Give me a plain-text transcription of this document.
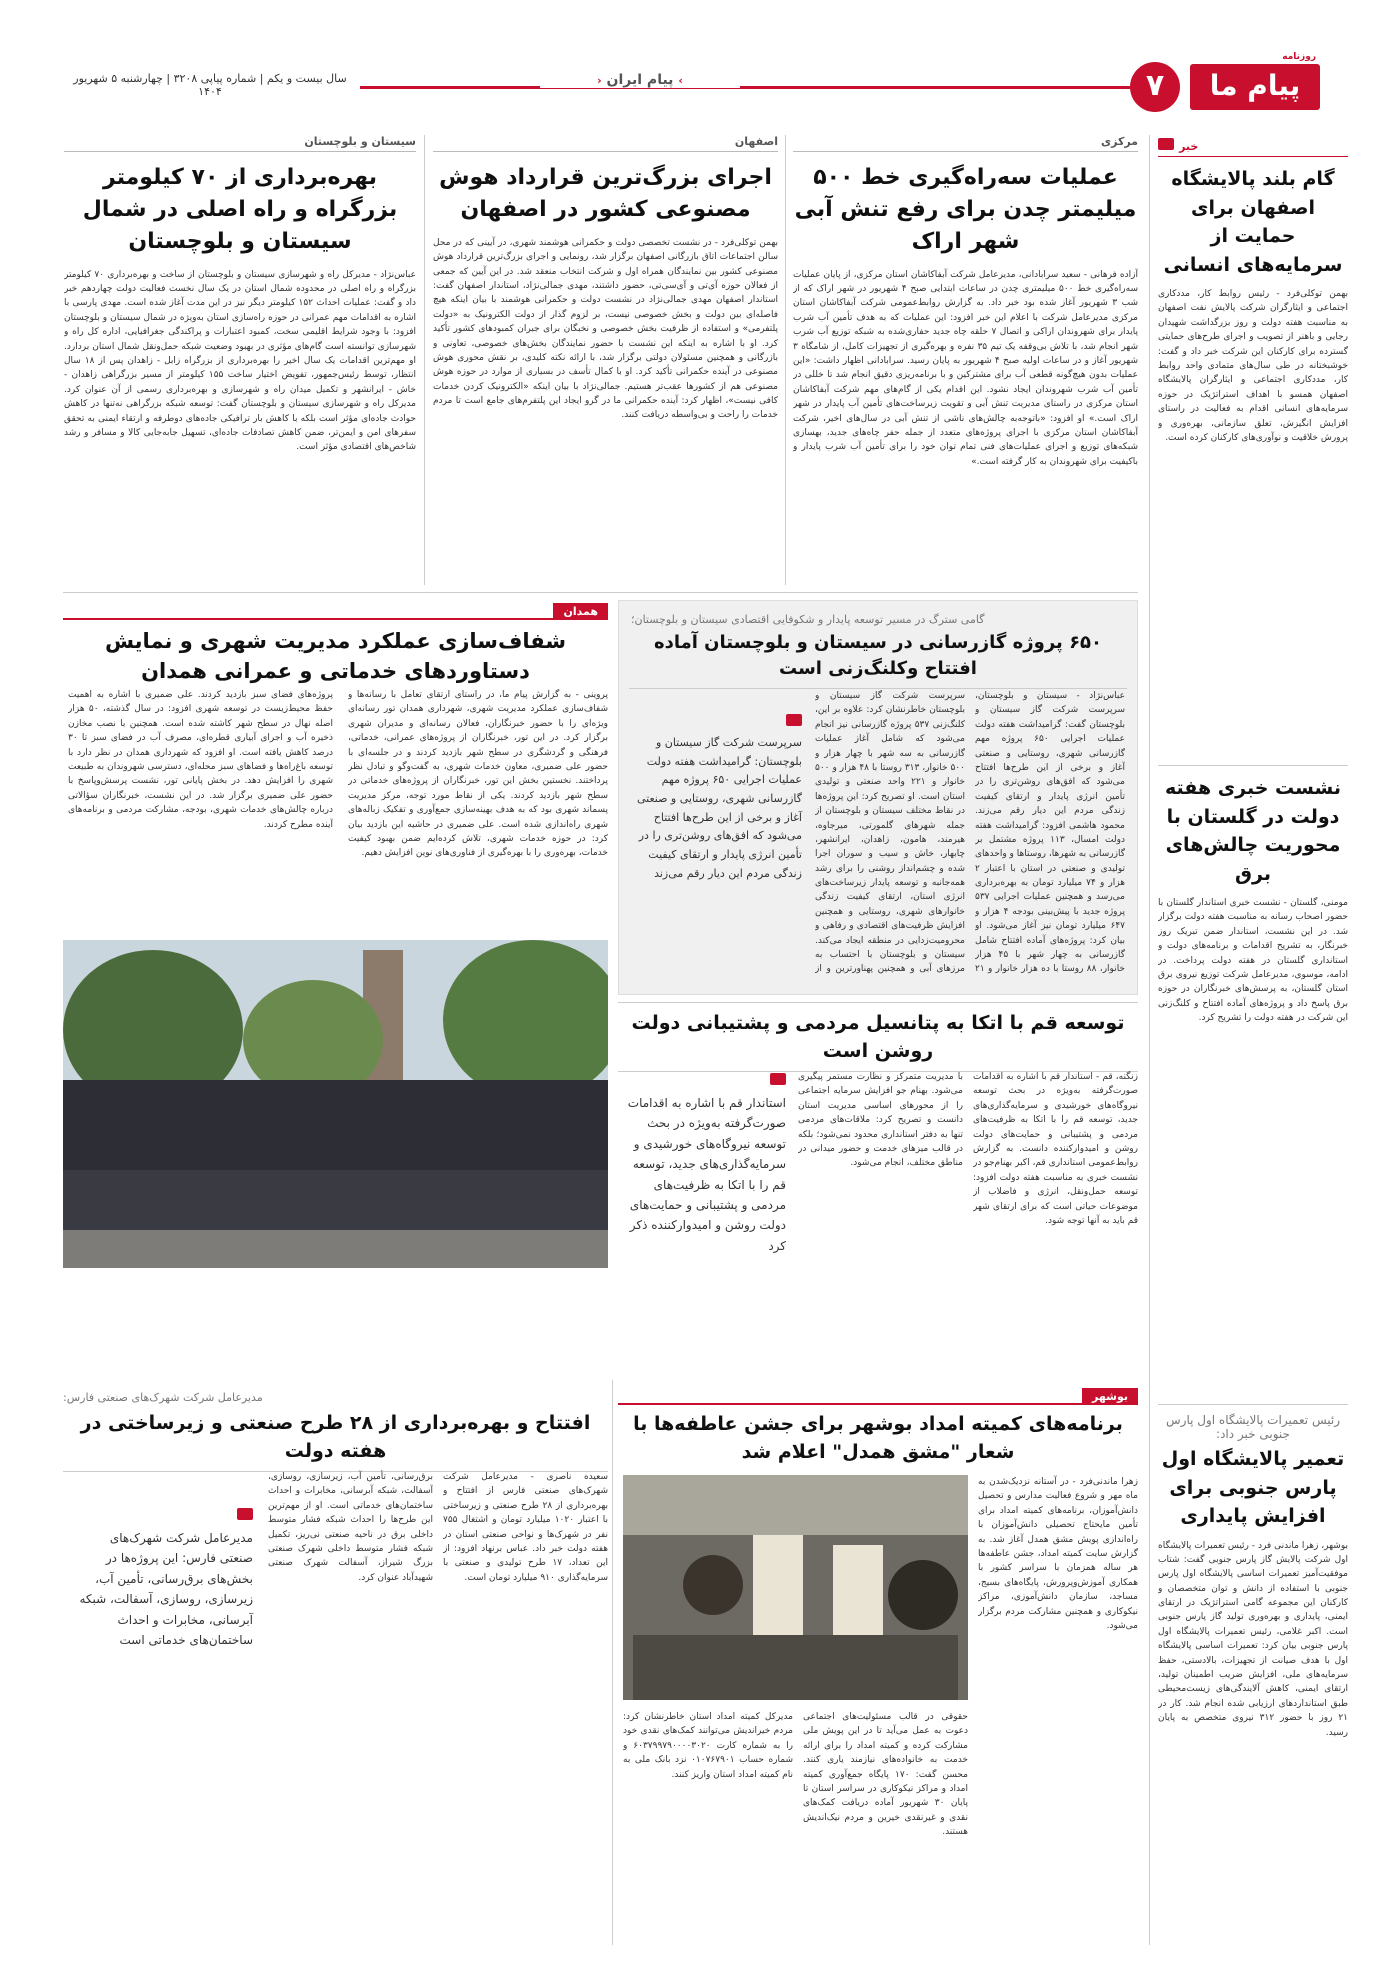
روزنامه
پیام ما
۷
› پیام ایران ‹
سال بیست و یکم | شماره پیاپی ۳۲۰۸ | چهارشنبه ۵ شهریور ۱۴۰۴
خبر
گام بلند پالایشگاه اصفهان برای حمایت از سرمایه‌های انسانی
بهمن توکلی‌فرد - رئیس روابط کار، مددکاری اجتماعی و ایثارگران شرکت پالایش نفت اصفهان به مناسبت هفته دولت و روز بزرگداشت شهیدان رجایی و باهنر از تصویب و اجرای طرح‌های حمایتی گسترده برای کارکنان این شرکت خبر داد و گفت: خوشبختانه در طی سال‌های متمادی واحد روابط کار، مددکاری اجتماعی و ایثارگران پالایشگاه اصفهان همسو با اهداف استراتژیک در حوزه سرمایه‌های انسانی اقدام به فعالیت در راستای افزایش انگیزش، تعلق سازمانی، بهره‌وری و پرورش خلاقیت و نوآوری‌های کارکنان کرده است.
نشست خبری هفته دولت در گلستان با محوریت چالش‌های برق
مومنی، گلستان - نشست خبری استاندار گلستان با حضور اصحاب رسانه به مناسبت هفته دولت برگزار شد. در این نشست، استاندار ضمن تبریک روز خبرنگار، به تشریح اقدامات و برنامه‌های دولت و استانداری گلستان در هفته دولت پرداخت. در ادامه، موسوی، مدیرعامل شرکت توزیع نیروی برق استان گلستان، به پرسش‌های خبرنگاران در حوزه برق پاسخ داد و پروژه‌های آماده افتتاح و کلنگ‌زنی این شرکت در هفته دولت را تشریح کرد.
رئیس تعمیرات پالایشگاه اول پارس جنوبی خبر داد:
تعمیر پالایشگاه اول پارس جنوبی برای افزایش پایداری
بوشهر، زهرا ماندنی فرد - رئیس تعمیرات پالایشگاه اول شرکت پالایش گاز پارس جنوبی گفت: شتاب موفقیت‌آمیز تعمیرات اساسی پالایشگاه اول پارس جنوبی با استفاده از دانش و توان متخصصان و کارکنان این مجموعه گامی استراتژیک در ارتقای ایمنی، پایداری و بهره‌وری تولید گاز پارس جنوبی است. اکبر غلامی، رئیس تعمیرات پالایشگاه اول پارس جنوبی بیان کرد: تعمیرات اساسی پالایشگاه اول با هدف صیانت از تجهیزات، بالادستی، حفظ سرمایه‌های ملی، افزایش ضریب اطمینان تولید، ارتقای ایمنی، کاهش آلایندگی‌های زیست‌محیطی طبق استانداردهای ارزیابی شده انجام شد. کار در ۲۱ روز با حضور ۳۱۲ نیروی متخصص به پایان رسید.
مرکزی
عملیات سه‌راه‌گیری خط ۵۰۰ میلیمتر چدن برای رفع تنش آبی شهر اراک
آزاده فرهانی - سعید سرابادانی، مدیرعامل شرکت آبفاکاشان استان مرکزی، از پایان عملیات سه‌راه‌گیری خط ۵۰۰ میلیمتری چدن در ساعات ابتدایی صبح ۴ شهریور در شهر اراک که از شب ۳ شهریور آغاز شده بود خبر داد. به گزارش روابط‌عمومی شرکت آبفاکاشان استان مرکزی مدیرعامل شرکت با اعلام این خبر افزود: این عملیات که به هدف تأمین آب شرب پایدار برای شهروندان اراکی و اتصال ۷ حلقه چاه جدید حفاری‌شده به شبکه توزیع آب شرب شهر انجام شد، با تلاش بی‌وقفه یک تیم ۳۵ نفره و بهره‌گیری از تجهیزات کامل، از شامگاه ۳ شهریور آغاز و در ساعات اولیه صبح ۴ شهریور به پایان رسید. سرابادانی اظهار داشت: «این عملیات بدون هیچ‌گونه قطعی آب برای مشترکین و با برنامه‌ریزی دقیق انجام شد تا خللی در تأمین آب شرب شهروندان ایجاد نشود. این اقدام یکی از گام‌های مهم شرکت آبفاکاشان استان مرکزی در راستای مدیریت تنش آبی و تقویت زیرساخت‌های تأمین آب پایدار در شهر اراک است.» او افزود: «باتوجه‌به چالش‌های ناشی از تنش آبی در سال‌های اخیر، شرکت آبفاکاشان استان مرکزی با اجرای پروژه‌های متعدد از جمله حفر چاه‌های جدید، بهسازی شبکه‌های توزیع و اجرای عملیات‌های فنی تمام توان خود را برای تأمین آب شرب پایدار و باکیفیت برای شهروندان به کار گرفته است.»
اصفهان
اجرای بزرگ‌ترین قرارداد هوش مصنوعی کشور در اصفهان
بهمن توکلی‌فرد - در نشست تخصصی دولت و حکمرانی هوشمند شهری، در آیینی که در محل سالن اجتماعات اتاق بازرگانی اصفهان برگزار شد، رونمایی و اجرای بزرگ‌ترین قرارداد هوش مصنوعی کشور بین نمایندگان همراه اول و شرکت انتخاب منعقد شد. در این آیین که جمعی از فعالان حوزه آی‌تی و آی‌سی‌تی، حضور داشتند، مهدی جمالی‌نژاد، استاندار اصفهان گفت: استاندار اصفهان مهدی جمالی‌نژاد در نشست دولت و حکمرانی هوشمند با بیان اینکه هیچ فاصله‌ای بین دولت و بخش خصوصی نیست، بر لزوم گذار از دولت الکترونیک به «دولت پلتفرمی» و استفاده از ظرفیت بخش خصوصی و نخبگان برای جبران کمبودهای کشور تأکید کرد. او با اشاره به اینکه این نشست با حضور نمایندگان بخش‌های خصوصی، تعاونی و بازرگانی و همچنین مسئولان دولتی برگزار شد، با ارائه نکته کلیدی، بر نقش محوری هوش مصنوعی در آینده حکمرانی تأکید کرد. او با کمال تأسف در بسیاری از موارد در حوزه هوش مصنوعی هم از کشورها عقب‌تر هستیم. جمالی‌نژاد با بیان اینکه «الکترونیک کردن خدمات کافی نیست»، اظهار کرد: آینده حکمرانی ما در گرو ایجاد این پلتفرم‌های جامع است تا مردم خدمات را راحت و بی‌واسطه دریافت کنند.
سیستان و بلوچستان
بهره‌برداری از ۷۰ کیلومتر بزرگراه و راه اصلی در شمال سیستان و بلوچستان
عباس‌نژاد - مدیرکل راه و شهرسازی سیستان و بلوچستان از ساخت و بهره‌برداری ۷۰ کیلومتر بزرگراه و راه اصلی در محدوده شمال استان در یک سال نخست فعالیت دولت چهاردهم خبر داد و گفت: عملیات احداث ۱۵۲ کیلومتر دیگر نیز در این مدت آغاز شده است. مهدی پارسی با اشاره به اقدامات مهم عمرانی در حوزه راه‌سازی استان به‌ویژه در شمال سیستان و بلوچستان افزود: با وجود شرایط اقلیمی سخت، کمبود اعتبارات و پراکندگی جغرافیایی، اداره کل راه و شهرسازی توانسته است گام‌های مؤثری در بهبود وضعیت شبکه حمل‌ونقل شمال استان بردارد. او مهم‌ترین اقدامات یک سال اخیر را بهره‌برداری از بزرگراه زابل - زاهدان پس از ۱۸ سال انتظار، توسط رئیس‌جمهور، تفویض اختیار ساخت ۱۵۵ کیلومتر از مسیر بزرگراهی زاهدان - خاش - ایرانشهر و تکمیل میدان راه و شهرسازی و بهره‌برداری رسمی از آن عنوان کرد. مدیرکل راه و شهرسازی سیستان و بلوچستان گفت: توسعه شبکه بزرگراهی نه‌تنها در کاهش حوادث جاده‌ای مؤثر است بلکه با کاهش بار ترافیکی جاده‌های دوطرفه و ارتقاء ایمنی به تحقق سفرهای امن و ایمن‌تر، ضمن کاهش تصادفات جاده‌ای، تسهیل جابه‌جایی کالا و مسافر و رشد شاخص‌های اقتصادی مؤثر است.
گامی سترگ در مسیر توسعه پایدار و شکوفایی اقتصادی سیستان و بلوچستان؛
۶۵۰ پروژه گازرسانی در سیستان و بلوچستان آماده افتتاح وکلنگ‌زنی است
عباس‌نژاد - سیستان و بلوچستان، سرپرست شرکت گاز سیستان و بلوچستان گفت: گرامیداشت هفته دولت عملیات اجرایی ۶۵۰ پروژه مهم گازرسانی شهری، روستایی و صنعتی آغاز و برخی از این طرح‌ها افتتاح می‌شود که افق‌های روشن‌تری را در تأمین انرژی پایدار و ارتقای کیفیت زندگی مردم این دیار رقم می‌زند. محمود هاشمی افزود: گرامیداشت هفته دولت امسال، ۱۱۳ پروژه مشتمل بر گازرسانی به شهرها، روستاها و واحدهای تولیدی و صنعتی در استان با اعتبار ۲ هزار و ۷۴ میلیارد تومان به بهره‌برداری می‌رسد و همچنین عملیات اجرایی ۵۳۷ پروژه جدید با پیش‌بینی بودجه ۴ هزار و ۶۴۷ میلیارد تومان نیز آغاز می‌شود. او بیان کرد: پروژه‌های آماده افتتاح شامل گازرسانی به چهار شهر با ۴۵ هزار خانوار، ۸۸ روستا با ده هزار خانوار و ۲۱
سرپرست شرکت گاز سیستان و بلوچستان خاطرنشان کرد: علاوه بر این، کلنگ‌زنی ۵۳۷ پروژه گازرسانی نیز انجام می‌شود که شامل آغاز عملیات گازرسانی به سه شهر با چهار هزار و ۵۰۰ خانوار، ۳۱۳ روستا با ۴۸ هزار و ۵۰۰ خانوار و ۲۲۱ واحد صنعتی و تولیدی استان است. او تصریح کرد: این پروژه‌ها در نقاط مختلف سیستان و بلوچستان از جمله شهرهای گلمورتی، میرجاوه، هیرمند، هامون، زاهدان، ایرانشهر، چابهار، خاش و سیب و سوران اجرا شده و چشم‌انداز روشنی را برای رشد همه‌جانبه و توسعه پایدار زیرساخت‌های انرژی استان، ارتقای کیفیت زندگی خانوارهای شهری، روستایی و همچنین افزایش ظرفیت‌های اقتصادی و رفاهی و محرومیت‌زدایی در منطقه ایجاد می‌کند. سیستان و بلوچستان با احتساب به مرزهای آبی و همچنین پهناورترین و از
سرپرست شرکت گاز سیستان و بلوچستان: گرامیداشت هفته دولت عملیات اجرایی ۶۵۰ پروژه مهم گازرسانی شهری، روستایی و صنعتی آغاز و برخی از این طرح‌ها افتتاح می‌شود که افق‌های روشن‌تری را در تأمین انرژی پایدار و ارتقای کیفیت زندگی مردم این دیار رقم می‌زند
همدان
شفاف‌سازی عملکرد مدیریت شهری و نمایش دستاوردهای خدماتی و عمرانی همدان
پروینی - به گزارش پیام ما، در راستای ارتقای تعامل با رسانه‌ها و شفاف‌سازی عملکرد مدیریت شهری، شهرداری همدان تور رسانه‌ای ویژه‌ای را با حضور خبرنگاران، فعالان رسانه‌ای و مدیران شهری برگزار کرد. در این تور، خبرنگاران از پروژه‌های عمرانی، خدماتی، فرهنگی و گردشگری در سطح شهر بازدید کردند و در جلسه‌ای با حضور علی ضمیری، معاون خدمات شهری، به گفت‌وگو و تبادل نظر پرداختند. نخستین بخش این تور، خبرنگاران از پروژه‌های خدماتی در سطح شهر بازدید کردند. یکی از نقاط مورد توجه، مرکز مدیریت پسماند شهری بود که به هدف بهینه‌سازی جمع‌آوری و تفکیک زباله‌های شهری راه‌اندازی شده است. علی ضمیری در حاشیه این بازدید بیان کرد: در حوزه خدمات شهری، تلاش کرده‌ایم ضمن بهبود کیفیت خدمات، بهره‌وری را با بهره‌گیری از فناوری‌های نوین افزایش دهیم.
پروژه‌های فضای سبز بازدید کردند. علی ضمیری با اشاره به اهمیت حفظ محیط‌زیست در توسعه شهری افزود: در سال گذشته، ۵۰ هزار اصله نهال در سطح شهر کاشته شده است. همچنین با نصب مخازن ذخیره آب و اجرای آبیاری قطره‌ای، مصرف آب در فضای سبز تا ۳۰ درصد کاهش یافته است. او افزود که شهرداری همدان در نظر دارد با توسعه باغ‌راه‌ها و فضاهای سبز محله‌ای، دسترسی شهروندان به طبیعت شهری را افزایش دهد. در بخش پایانی تور، نشست پرسش‌وپاسخ با حضور علی ضمیری برگزار شد. در این نشست، خبرنگاران سؤالاتی درباره چالش‌های خدمات شهری، بودجه، مشارکت مردمی و برنامه‌های آینده مطرح کردند.
توسعه قم با اتکا به پتانسیل مردمی و پشتیبانی دولت روشن است
زنگنه، قم - استاندار قم با اشاره به اقدامات صورت‌گرفته به‌ویژه در بحث توسعه نیروگاه‌های خورشیدی و سرمایه‌گذاری‌های جدید، توسعه قم را با اتکا به ظرفیت‌های مردمی و پشتیبانی و حمایت‌های دولت روشن و امیدوارکننده دانست. به گزارش روابط‌عمومی استانداری قم، اکبر بهنام‌جو در نشست خبری به مناسبت هفته دولت افزود: توسعه حمل‌ونقل، انرژی و فاضلاب از موضوعات حیاتی است که برای ارتقای شهر قم باید به آنها توجه شود.
با مدیریت متمرکز و نظارت مستمر پیگیری می‌شود. بهنام جو افزایش سرمایه اجتماعی را از محورهای اساسی مدیریت استان دانست و تصریح کرد: ملاقات‌های مردمی تنها به دفتر استانداری محدود نمی‌شود؛ بلکه در قالب میزهای خدمت و حضور میدانی در مناطق مختلف، انجام می‌شود.
استاندار قم با اشاره به اقدامات صورت‌گرفته به‌ویژه در بحث توسعه نیروگاه‌های خورشیدی و سرمایه‌گذاری‌های جدید، توسعه قم را با اتکا به ظرفیت‌های مردمی و پشتیبانی و حمایت‌های دولت روشن و امیدوارکننده ذکر کرد
بوشهر
برنامه‌های کمیته امداد بوشهر برای جشن عاطفه‌ها با شعار "مشق همدل" اعلام شد
زهرا ماندنی‌فرد - در آستانه نزدیک‌شدن به ماه مهر و شروع فعالیت مدارس و تحصیل دانش‌آموزان، برنامه‌های کمیته امداد برای تأمین مایحتاج تحصیلی دانش‌آموزان با راه‌اندازی پویش مشق همدل آغاز شد. به گزارش سایت کمیته امداد، جشن عاطفه‌ها هر ساله همزمان با سراسر کشور با همکاری آموزش‌وپرورش، پایگاه‌های بسیج، مساجد، سازمان دانش‌آموزی، مراکز نیکوکاری و همچنین مشارکت مردم برگزار می‌شود.
حقوقی در قالب مسئولیت‌های اجتماعی دعوت به عمل می‌آید تا در این پویش ملی مشارکت کرده و کمیته امداد را برای ارائه خدمت به خانواده‌های نیازمند یاری کنند. محسن گفت: ۱۷۰ پایگاه جمع‌آوری کمیته امداد و مراکز نیکوکاری در سراسر استان تا پایان ۳۰ شهریور آماده دریافت کمک‌های نقدی و غیرنقدی خیرین و مردم نیک‌اندیش هستند.
مدیرکل کمیته امداد استان خاطرنشان کرد: مردم خیراندیش می‌توانند کمک‌های نقدی خود را به شماره کارت ۶۰۳۷۹۹۷۹۰۰۰۰۳۰۲۰ و شماره حساب ۰۱۰۷۶۷۹۰۱ نزد بانک ملی به نام کمیته امداد استان واریز کنند.
مدیرعامل شرکت شهرک‌های صنعتی فارس:
افتتاح و بهره‌برداری از ۲۸ طرح صنعتی و زیرساختی در هفته دولت
سعیده ناصری - مدیرعامل شرکت شهرک‌های صنعتی فارس از افتتاح و بهره‌برداری از ۲۸ طرح صنعتی و زیرساختی با اعتبار ۱۰۲۰ میلیارد تومان و اشتغال ۷۵۵ نفر در شهرک‌ها و نواحی صنعتی استان در هفته دولت خبر داد. عباس برنهاد افزود: از این تعداد، ۱۷ طرح تولیدی و صنعتی با سرمایه‌گذاری ۹۱۰ میلیارد تومان است.
برق‌رسانی، تأمین آب، زیرسازی، روسازی، آسفالت، شبکه آبرسانی، مخابرات و احداث ساختمان‌های خدماتی است. او از مهم‌ترین این طرح‌ها را احداث شبکه فشار متوسط داخلی برق در ناحیه صنعتی نی‌ریز، تکمیل شبکه فشار متوسط داخلی شهرک صنعتی بزرگ شیراز، آسفالت شهرک صنعتی شهیدآباد عنوان کرد.
مدیرعامل شرکت شهرک‌های صنعتی فارس: این پروژه‌ها در بخش‌های برق‌رسانی، تأمین آب، زیرسازی، روسازی، آسفالت، شبکه آبرسانی، مخابرات و احداث ساختمان‌های خدماتی است
